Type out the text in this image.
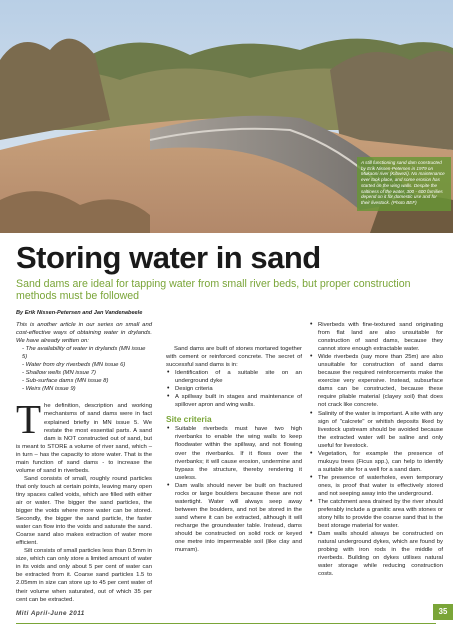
A still functioning sand dam constructed by Erik Nissen-Petersen in 1979 on Mukaoni river (Kibwezi). No maintenance ever took place, and some erosion has started on the wing walls. Despite the saltiness of the water, 300 - 600 families depend on it for domestic use and for their livestock. (Photo BEF)
Storing water in sand
Sand dams are ideal for tapping water from small river beds, but proper construction methods must be followed
By Erik Nissen-Petersen and Jan Vandenabeele

This is another article in our series on small and cost-effective ways of obtaining water in drylands. We have already written on:

- The availability of water in drylands (MN issue 5)
- Water from dry riverbeds (MN issue 6)
- Shallow wells (MN issue 7)
- Sub-surface dams (MN issue 8)
- Weirs (MN issue 9)

The definition, description and working mechanisms of sand dams were in fact explained briefly in MN issue 5. We restate the most essential parts. A sand dam is NOT constructed out of sand, but is meant to STORE a volume of river sand, which – in turn – has the capacity to store water. That is the main function of sand dams - to increase the volume of sand in riverbeds.

Sand consists of small, roughly round particles that only touch at certain points, leaving many open tiny spaces called voids, which are filled with either air or water. The bigger the sand particles, the bigger the voids where more water can be stored. Secondly, the bigger the sand particle, the faster water can flow into the voids and saturate the sand. Coarse sand also makes extraction of water more efficient.

Silt consists of small particles less than 0.5mm in size, which can only store a limited amount of water in its voids and only about 5 per cent of water can be extracted from it. Coarse sand particles 1.5 to 2.05mm in size can store up to 45 per cent water of their volume when saturated, out of which 35 per cent can be extracted.

Sand dams are built of stones mortared together with cement or reinforced concrete. The secret of successful sand dams is in:

• Identification of a suitable site on an underground dyke
• Design criteria
• A spillway built in stages and maintenance of spillover apron and wing walls.
Site criteria
• Suitable riverbeds must have two high riverbanks to enable the wing walls to keep floodwater within the spillway, and not flowing over the riverbanks. If it flows over the riverbanks; it will cause erosion, undermine and bypass the structure, thereby rendering it useless.
• Dam walls should never be built on fractured rocks or large boulders because these are not watertight. Water will always seep away between the boulders, and not be stored in the sand where it can be extracted, although it will recharge the groundwater table. Instead, dams should be constructed on solid rock or keyed one metre into impermeable soil (like clay and murram).
• Riverbeds with fine-textured sand originating from flat land are also unsuitable for construction of sand dams, because they cannot store enough extractable water.
• Wide riverbeds (say more than 25m) are also unsuitable for construction of sand dams because the required reinforcements make the exercise very expensive. Instead, subsurface dams can be constructed, because these require pliable material (clayey soil) that does not crack like concrete.
• Salinity of the water is important. A site with any sign of "calcrete" or whitish deposits liked by livestock upstream should be avoided because the extracted water will be saline and only useful for livestock.
• Vegetation, for example the presence of mukuyu trees (Ficus spp.), can help to identify a suitable site for a well for a sand dam.
• The presence of waterholes, even temporary ones, is proof that water is effectively stored and not seeping away into the underground.
• The catchment area drained by the river should preferably include a granitic area with stones or stony hills to provide the coarse sand that is the best storage material for water.
• Dam walls should always be constructed on natural underground dykes, which are found by probing with iron rods in the middle of riverbeds. Building on dykes utilises natural water storage while reducing construction costs.
Miti April-June 2011	35
